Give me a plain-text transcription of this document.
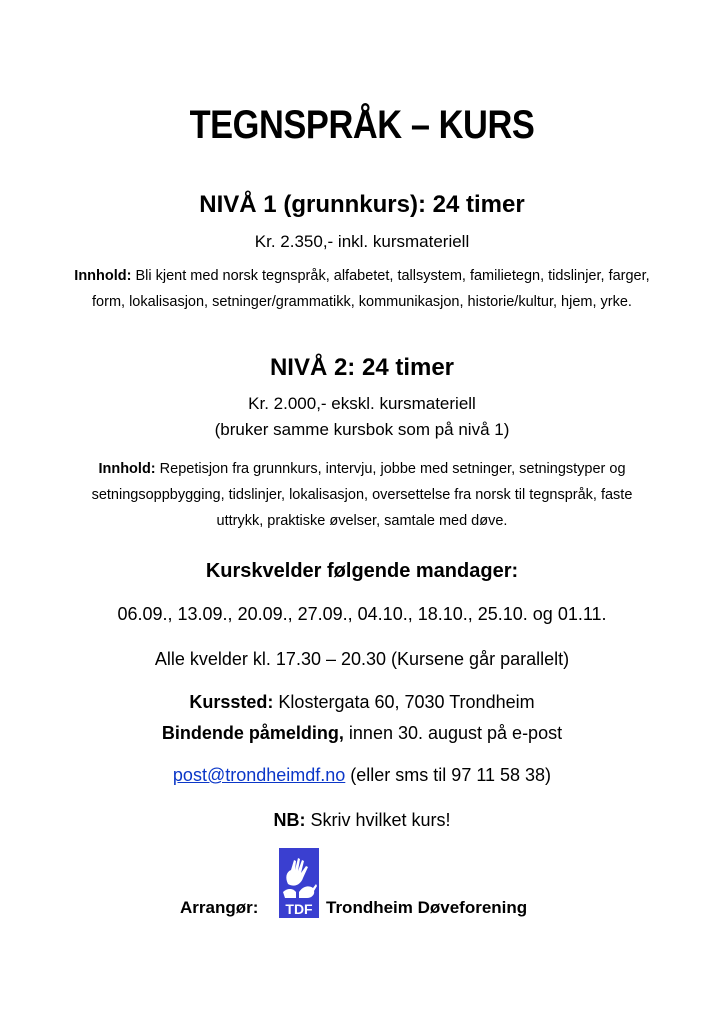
TEGNSPRÅK – KURS
NIVÅ 1 (grunnkurs): 24 timer

Kr. 2.350,- inkl. kursmateriell

Innhold: Bli kjent med norsk tegnspråk, alfabetet, tallsystem, familietegn, tidslinjer, farger, form, lokalisasjon, setninger/grammatikk, kommunikasjon, historie/kultur, hjem, yrke.

NIVÅ 2: 24 timer

Kr. 2.000,- ekskl. kursmateriell

(bruker samme kursbok som på nivå 1)

Innhold: Repetisjon fra grunnkurs, intervju, jobbe med setninger, setningstyper og setningsoppbygging, tidslinjer, lokalisasjon, oversettelse fra norsk til tegnspråk, faste uttrykk, praktiske øvelser, samtale med døve.

Kurskvelder følgende mandager:

06.09., 13.09., 20.09., 27.09., 04.10., 18.10., 25.10. og 01.11.

Alle kvelder kl. 17.30 – 20.30 (Kursene går parallelt)

Kurssted: Klostergata 60, 7030 Trondheim

Bindende påmelding, innen 30. august på e-post

post@trondheimdf.no (eller sms til 97 11 58 38)

NB: Skriv hvilket kurs!

Arrangør: TDF Trondheim Døveforening
